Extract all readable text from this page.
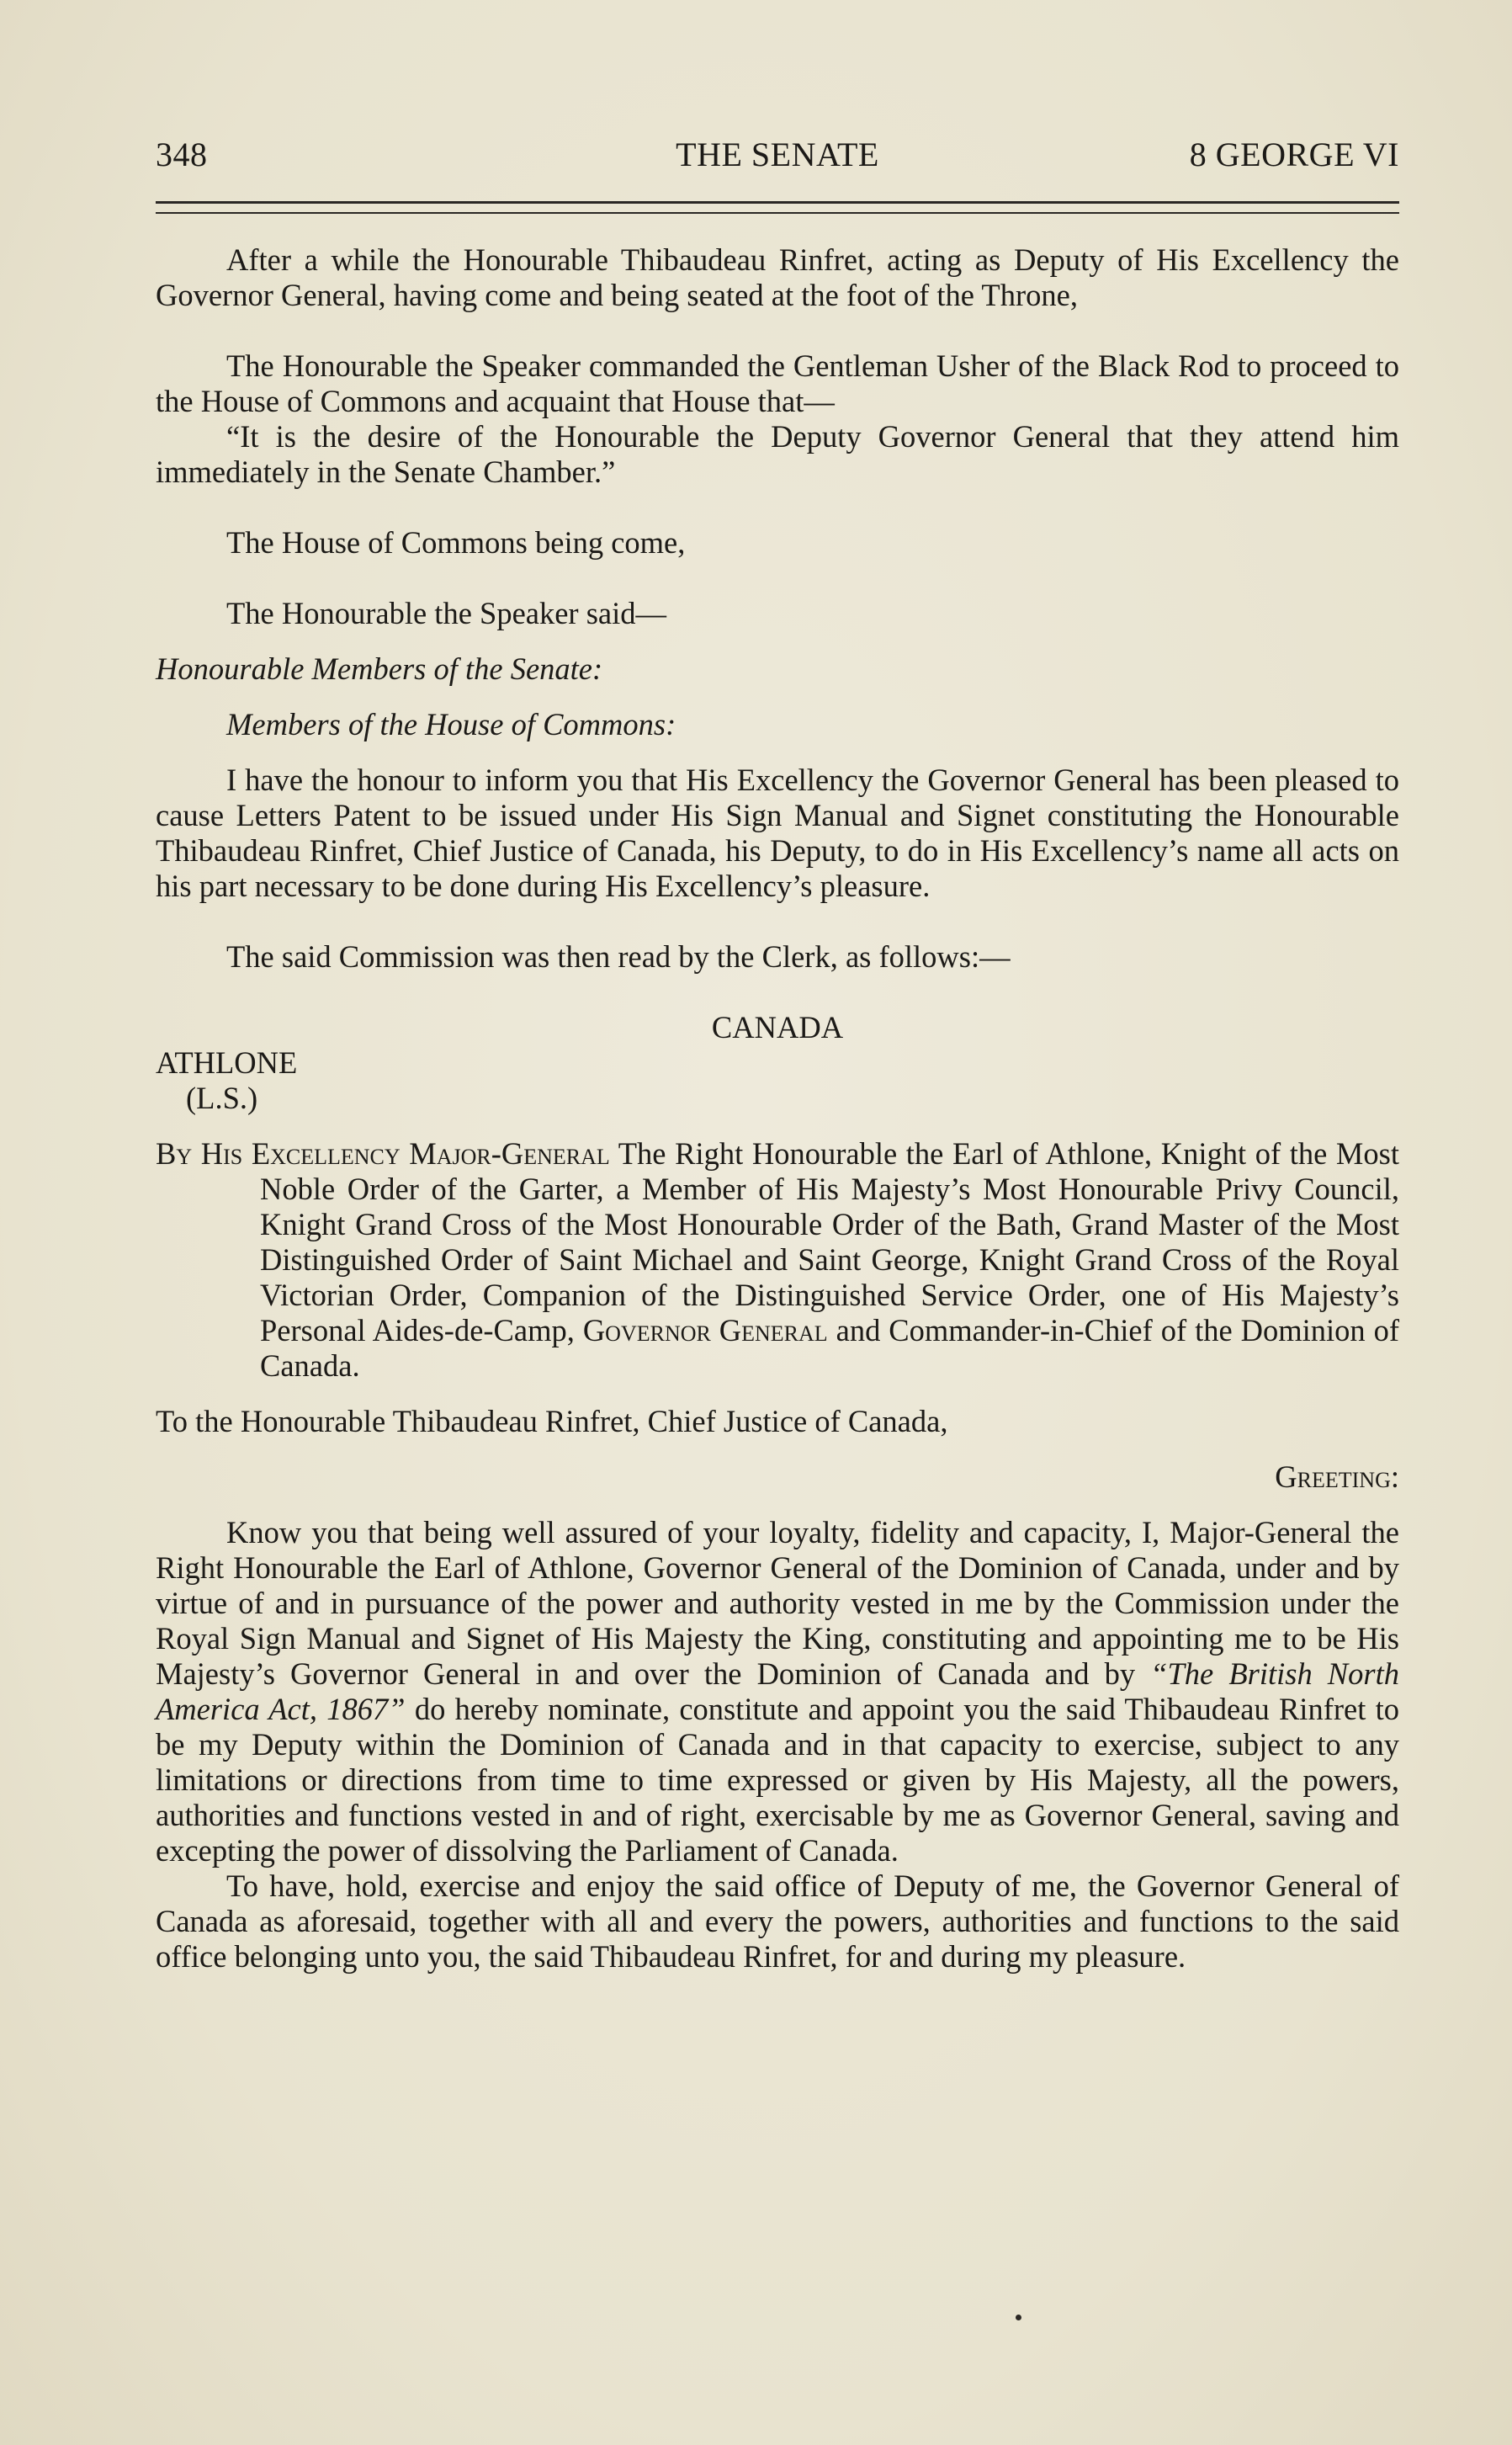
348	THE SENATE	8 GEORGE VI

After a while the Honourable Thibaudeau Rinfret, acting as Deputy of His Excellency the Governor General, having come and being seated at the foot of the Throne,

The Honourable the Speaker commanded the Gentleman Usher of the Black Rod to proceed to the House of Commons and acquaint that House that—

“It is the desire of the Honourable the Deputy Governor General that they attend him immediately in the Senate Chamber.”

The House of Commons being come,

The Honourable the Speaker said—

Honourable Members of the Senate:

Members of the House of Commons:

I have the honour to inform you that His Excellency the Governor General has been pleased to cause Letters Patent to be issued under His Sign Manual and Signet constituting the Honourable Thibaudeau Rinfret, Chief Justice of Canada, his Deputy, to do in His Excellency’s name all acts on his part necessary to be done during His Excellency’s pleasure.

The said Commission was then read by the Clerk, as follows:—

CANADA

ATHLONE

(L.S.)

By His Excellency Major-General The Right Honourable the Earl of Athlone, Knight of the Most Noble Order of the Garter, a Member of His Majesty’s Most Honourable Privy Council, Knight Grand Cross of the Most Honourable Order of the Bath, Grand Master of the Most Distinguished Order of Saint Michael and Saint George, Knight Grand Cross of the Royal Victorian Order, Companion of the Distinguished Service Order, one of His Majesty’s Personal Aides-de-Camp, Governor General and Commander-in-Chief of the Dominion of Canada.

To the Honourable Thibaudeau Rinfret, Chief Justice of Canada,

Greeting:

Know you that being well assured of your loyalty, fidelity and capacity, I, Major-General the Right Honourable the Earl of Athlone, Governor General of the Dominion of Canada, under and by virtue of and in pursuance of the power and authority vested in me by the Commission under the Royal Sign Manual and Signet of His Majesty the King, constituting and appointing me to be His Majesty’s Governor General in and over the Dominion of Canada and by “The British North America Act, 1867” do hereby nominate, constitute and appoint you the said Thibaudeau Rinfret to be my Deputy within the Dominion of Canada and in that capacity to exercise, subject to any limitations or directions from time to time expressed or given by His Majesty, all the powers, authorities and functions vested in and of right, exercisable by me as Governor General, saving and excepting the power of dissolving the Parliament of Canada.

To have, hold, exercise and enjoy the said office of Deputy of me, the Governor General of Canada as aforesaid, together with all and every the powers, authorities and functions to the said office belonging unto you, the said Thibaudeau Rinfret, for and during my pleasure.
